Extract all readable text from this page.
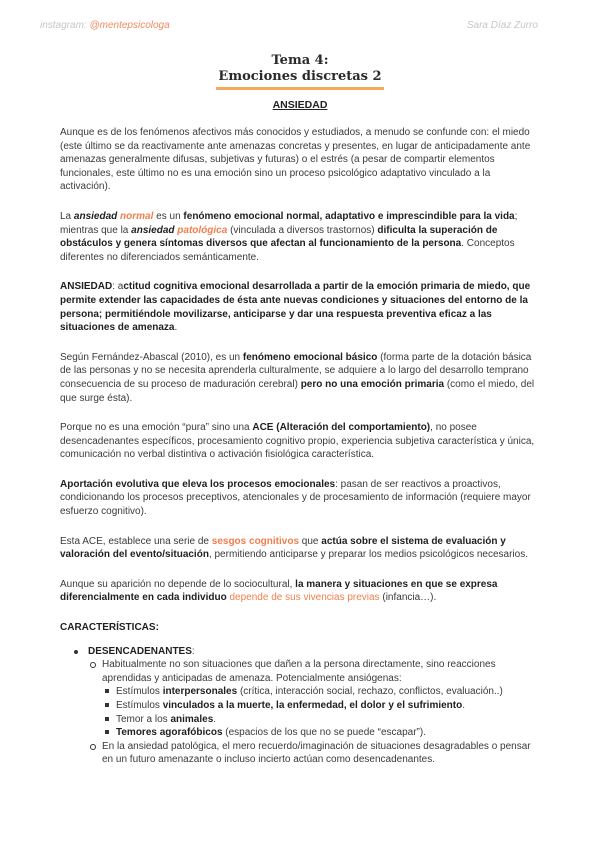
instagram: @mentepsicologa	Sara Díaz Zurro
Tema 4:
Emociones discretas 2
ANSIEDAD

Aunque es de los fenómenos afectivos más conocidos y estudiados, a menudo se confunde con: el miedo (este último se da reactivamente ante amenazas concretas y presentes, en lugar de anticipadamente ante amenazas generalmente difusas, subjetivas y futuras) o el estrés (a pesar de compartir elementos funcionales, este último no es una emoción sino un proceso psicológico adaptativo vinculado a la activación).

La ansiedad normal es un fenómeno emocional normal, adaptativo e imprescindible para la vida; mientras que la ansiedad patológica (vinculada a diversos trastornos) dificulta la superación de obstáculos y genera síntomas diversos que afectan al funcionamiento de la persona. Conceptos diferentes no diferenciados semánticamente.

ANSIEDAD: actitud cognitiva emocional desarrollada a partir de la emoción primaria de miedo, que permite extender las capacidades de ésta ante nuevas condiciones y situaciones del entorno de la persona; permitiéndole movilizarse, anticiparse y dar una respuesta preventiva eficaz a las situaciones de amenaza.

Según Fernández-Abascal (2010), es un fenómeno emocional básico (forma parte de la dotación básica de las personas y no se necesita aprenderla culturalmente, se adquiere a lo largo del desarrollo temprano consecuencia de su proceso de maduración cerebral) pero no una emoción primaria (como el miedo, del que surge ésta).

Porque no es una emoción “pura” sino una ACE (Alteración del comportamiento), no posee desencadenantes específicos, procesamiento cognitivo propio, experiencia subjetiva característica y única, comunicación no verbal distintiva o activación fisiológica característica.

Aportación evolutiva que eleva los procesos emocionales: pasan de ser reactivos a proactivos, condicionando los procesos preceptivos, atencionales y de procesamiento de información (requiere mayor esfuerzo cognitivo).

Esta ACE, establece una serie de sesgos cognitivos que actúa sobre el sistema de evaluación y valoración del evento/situación, permitiendo anticiparse y preparar los medios psicológicos necesarios.

Aunque su aparición no depende de lo sociocultural, la manera y situaciones en que se expresa diferencialmente en cada individuo depende de sus vivencias previas (infancia…).

CARACTERÍSTICAS:
DESENCADENANTES:
Habitualmente no son situaciones que dañen a la persona directamente, sino reacciones aprendidas y anticipadas de amenaza. Potencialmente ansiógenas:
Estímulos interpersonales (crítica, interacción social, rechazo, conflictos, evaluación..)
Estímulos vinculados a la muerte, la enfermedad, el dolor y el sufrimiento.
Temor a los animales.
Temores agorafóbicos (espacios de los que no se puede “escapar”).
En la ansiedad patológica, el mero recuerdo/imaginación de situaciones desagradables o pensar en un futuro amenazante o incluso incierto actúan como desencadenantes.
